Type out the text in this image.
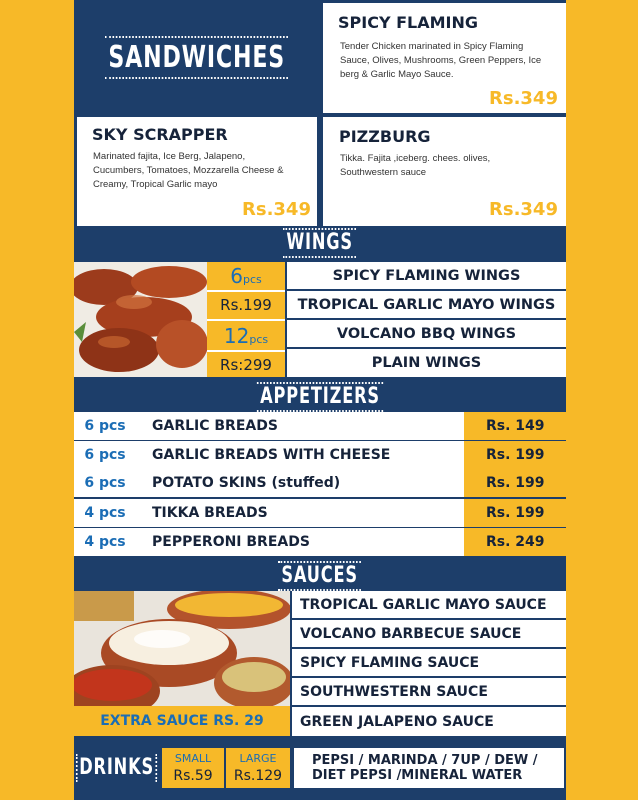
SANDWICHES
SPICY FLAMING
Tender Chicken marinated in Spicy Flaming Sauce, Olives, Mushrooms, Green Peppers, Ice berg & Garlic Mayo Sauce.
Rs.349
SKY SCRAPPER
Marinated fajita, Ice Berg, Jalapeno, Cucumbers, Tomatoes, Mozzarella Cheese & Creamy, Tropical Garlic mayo
Rs.349
PIZZBURG
Tikka. Fajita ,iceberg. chees. olives, Southwestern sauce
Rs.349
WINGS
6pcs
Rs.199
12pcs
Rs:299
SPICY FLAMING WINGS
TROPICAL GARLIC MAYO WINGS
VOLCANO BBQ WINGS
PLAIN WINGS
APPETIZERS
6 pcs	GARLIC BREADS	Rs. 149
6 pcs	GARLIC BREADS WITH CHEESE	Rs. 199
6 pcs	POTATO SKINS (stuffed)	Rs. 199
4 pcs	TIKKA BREADS	Rs. 199
4 pcs	PEPPERONI BREADS	Rs. 249
SAUCES
EXTRA SAUCE RS. 29
TROPICAL GARLIC MAYO SAUCE
VOLCANO BARBECUE SAUCE
SPICY FLAMING SAUCE
SOUTHWESTERN SAUCE
GREEN JALAPENO SAUCE
DRINKS	SMALL
Rs.59
LARGE
Rs.129
PEPSI / MARINDA / 7UP / DEW /
DIET PEPSI /MINERAL WATER
